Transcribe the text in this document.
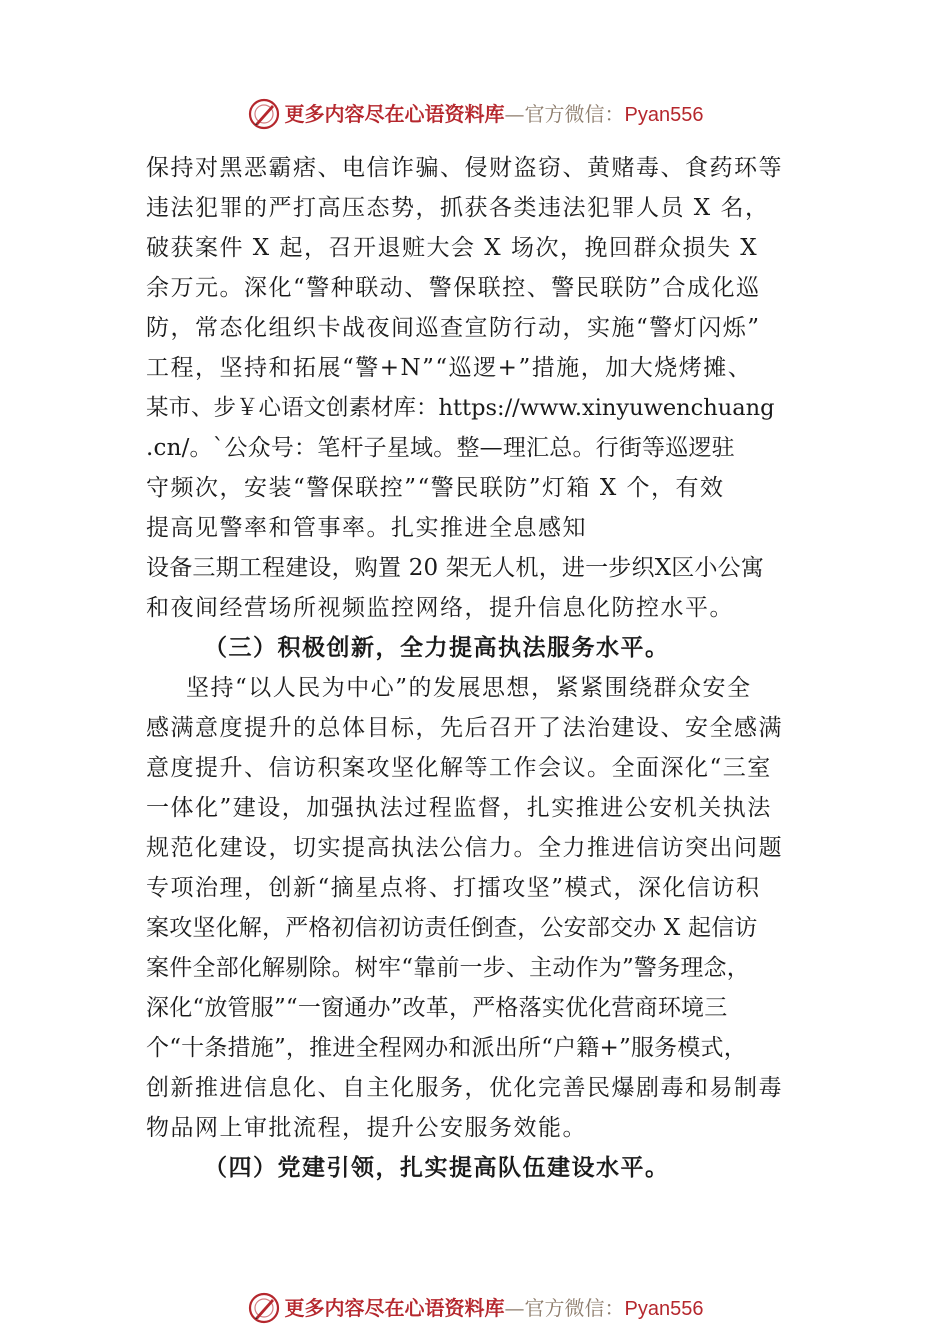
更多内容尽在心语资料库—官方微信：Pyan556
保持对黑恶霸痞、电信诈骗、侵财盗窃、黄赌毒、食药环等
违法犯罪的严打高压态势，抓获各类违法犯罪人员 X 名，
破获案件 X 起，召开退赃大会 X 场次，挽回群众损失 X
余万元。深化“警种联动、警保联控、警民联防”合成化巡
防，常态化组织卡战夜间巡查宣防行动，实施“警灯闪烁”
工程，坚持和拓展“警+N”“巡逻+”措施，加大烧烤摊、
某市、步￥心语文创素材库：https://www.xinyuwenchuang
.cn/。`公众号：笔杆子星域。整—理汇总。行街等巡逻驻
守频次，安装“警保联控”“警民联防”灯箱 X 个，有效
提高见警率和管事率。扎实推进全息感知
设备三期工程建设，购置 20 架无人机，进一步织X区小公寓
和夜间经营场所视频监控网络，提升信息化防控水平。
（三）积极创新，全力提高执法服务水平。
坚持“以人民为中心”的发展思想，紧紧围绕群众安全
感满意度提升的总体目标，先后召开了法治建设、安全感满
意度提升、信访积案攻坚化解等工作会议。全面深化“三室
一体化”建设，加强执法过程监督，扎实推进公安机关执法
规范化建设，切实提高执法公信力。全力推进信访突出问题
专项治理，创新“摘星点将、打擂攻坚”模式，深化信访积
案攻坚化解，严格初信初访责任倒查，公安部交办 X 起信访
案件全部化解剔除。树牢“靠前一步、主动作为”警务理念，
深化“放管服”“一窗通办”改革，严格落实优化营商环境三
个“十条措施”，推进全程网办和派出所“户籍+”服务模式，
创新推进信息化、自主化服务，优化完善民爆剧毒和易制毒
物品网上审批流程，提升公安服务效能。
（四）党建引领，扎实提高队伍建设水平。
更多内容尽在心语资料库—官方微信：Pyan556
